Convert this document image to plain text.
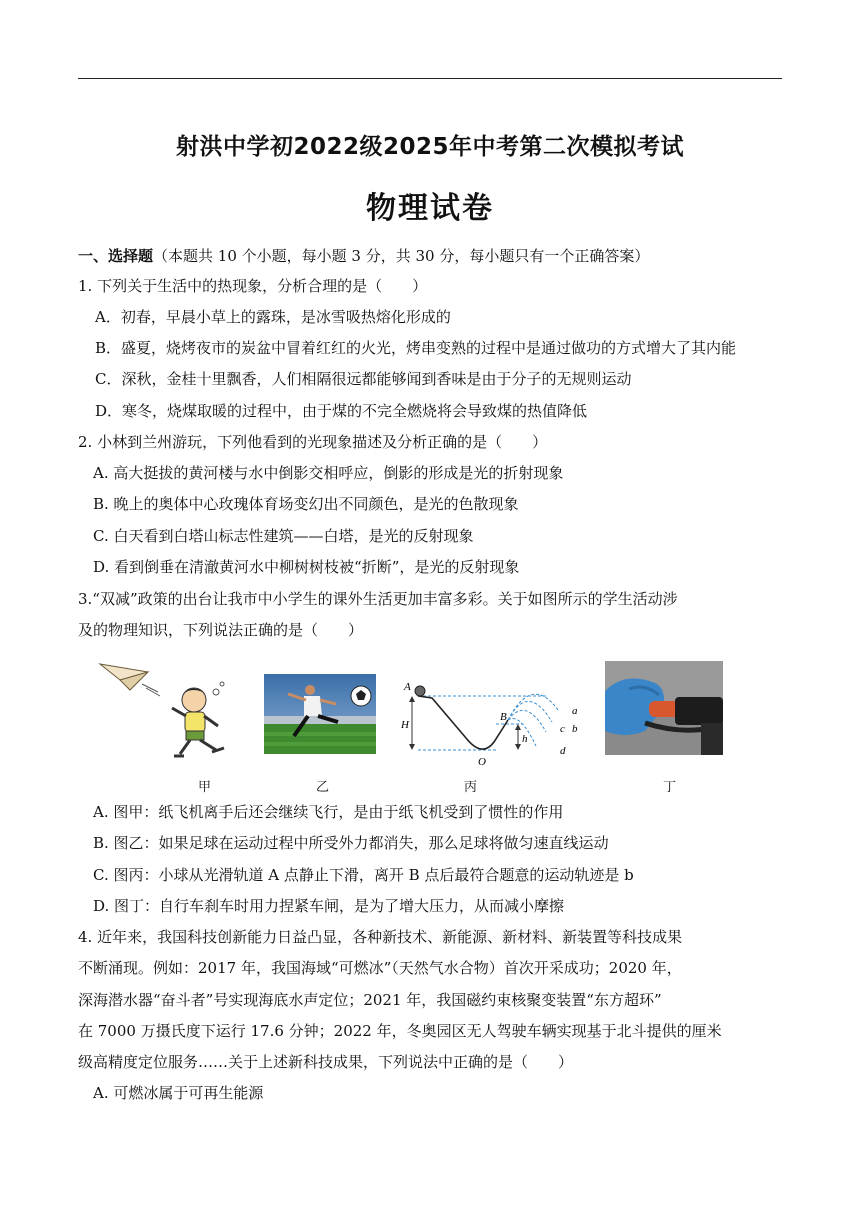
射洪中学初2022级2025年中考第二次模拟考试
物理试卷
一、选择题（本题共 10 个小题，每小题 3 分，共 30 分，每小题只有一个正确答案）
1. 下列关于生活中的热现象，分析合理的是（　　）
A．初春，早晨小草上的露珠，是冰雪吸热熔化形成的
B．盛夏，烧烤夜市的炭盆中冒着红红的火光，烤串变熟的过程中是通过做功的方式增大了其内能
C．深秋，金桂十里飘香，人们相隔很远都能够闻到香味是由于分子的无规则运动
D．寒冬，烧煤取暖的过程中，由于煤的不完全燃烧将会导致煤的热值降低
2. 小林到兰州游玩，下列他看到的光现象描述及分析正确的是（　　）
A. 高大挺拔的黄河楼与水中倒影交相呼应，倒影的形成是光的折射现象
B. 晚上的奥体中心玫瑰体育场变幻出不同颜色，是光的色散现象
C. 白天看到白塔山标志性建筑——白塔，是光的反射现象
D. 看到倒垂在清澈黄河水中柳树树枝被“折断”，是光的反射现象
3.“双减”政策的出台让我市中小学生的课外生活更加丰富多彩。关于如图所示的学生活动涉
及的物理知识，下列说法正确的是（　　）
A
H
B
h
O
a
b
c
d
甲	乙	丙	丁
A. 图甲：纸飞机离手后还会继续飞行，是由于纸飞机受到了惯性的作用
B. 图乙：如果足球在运动过程中所受外力都消失，那么足球将做匀速直线运动
C. 图丙：小球从光滑轨道 A 点静止下滑，离开 B 点后最符合题意的运动轨迹是 b
D. 图丁：自行车刹车时用力捏紧车闸，是为了增大压力，从而减小摩擦
4. 近年来，我国科技创新能力日益凸显，各种新技术、新能源、新材料、新装置等科技成果
不断涌现。例如：2017 年，我国海域“可燃冰”（天然气水合物）首次开采成功；2020 年，
深海潜水器“奋斗者”号实现海底水声定位；2021 年，我国磁约束核聚变装置“东方超环”
在 7000 万摄氏度下运行 17.6 分钟；2022 年，冬奥园区无人驾驶车辆实现基于北斗提供的厘米
级高精度定位服务……关于上述新科技成果，下列说法中正确的是（　　）
A. 可燃冰属于可再生能源
